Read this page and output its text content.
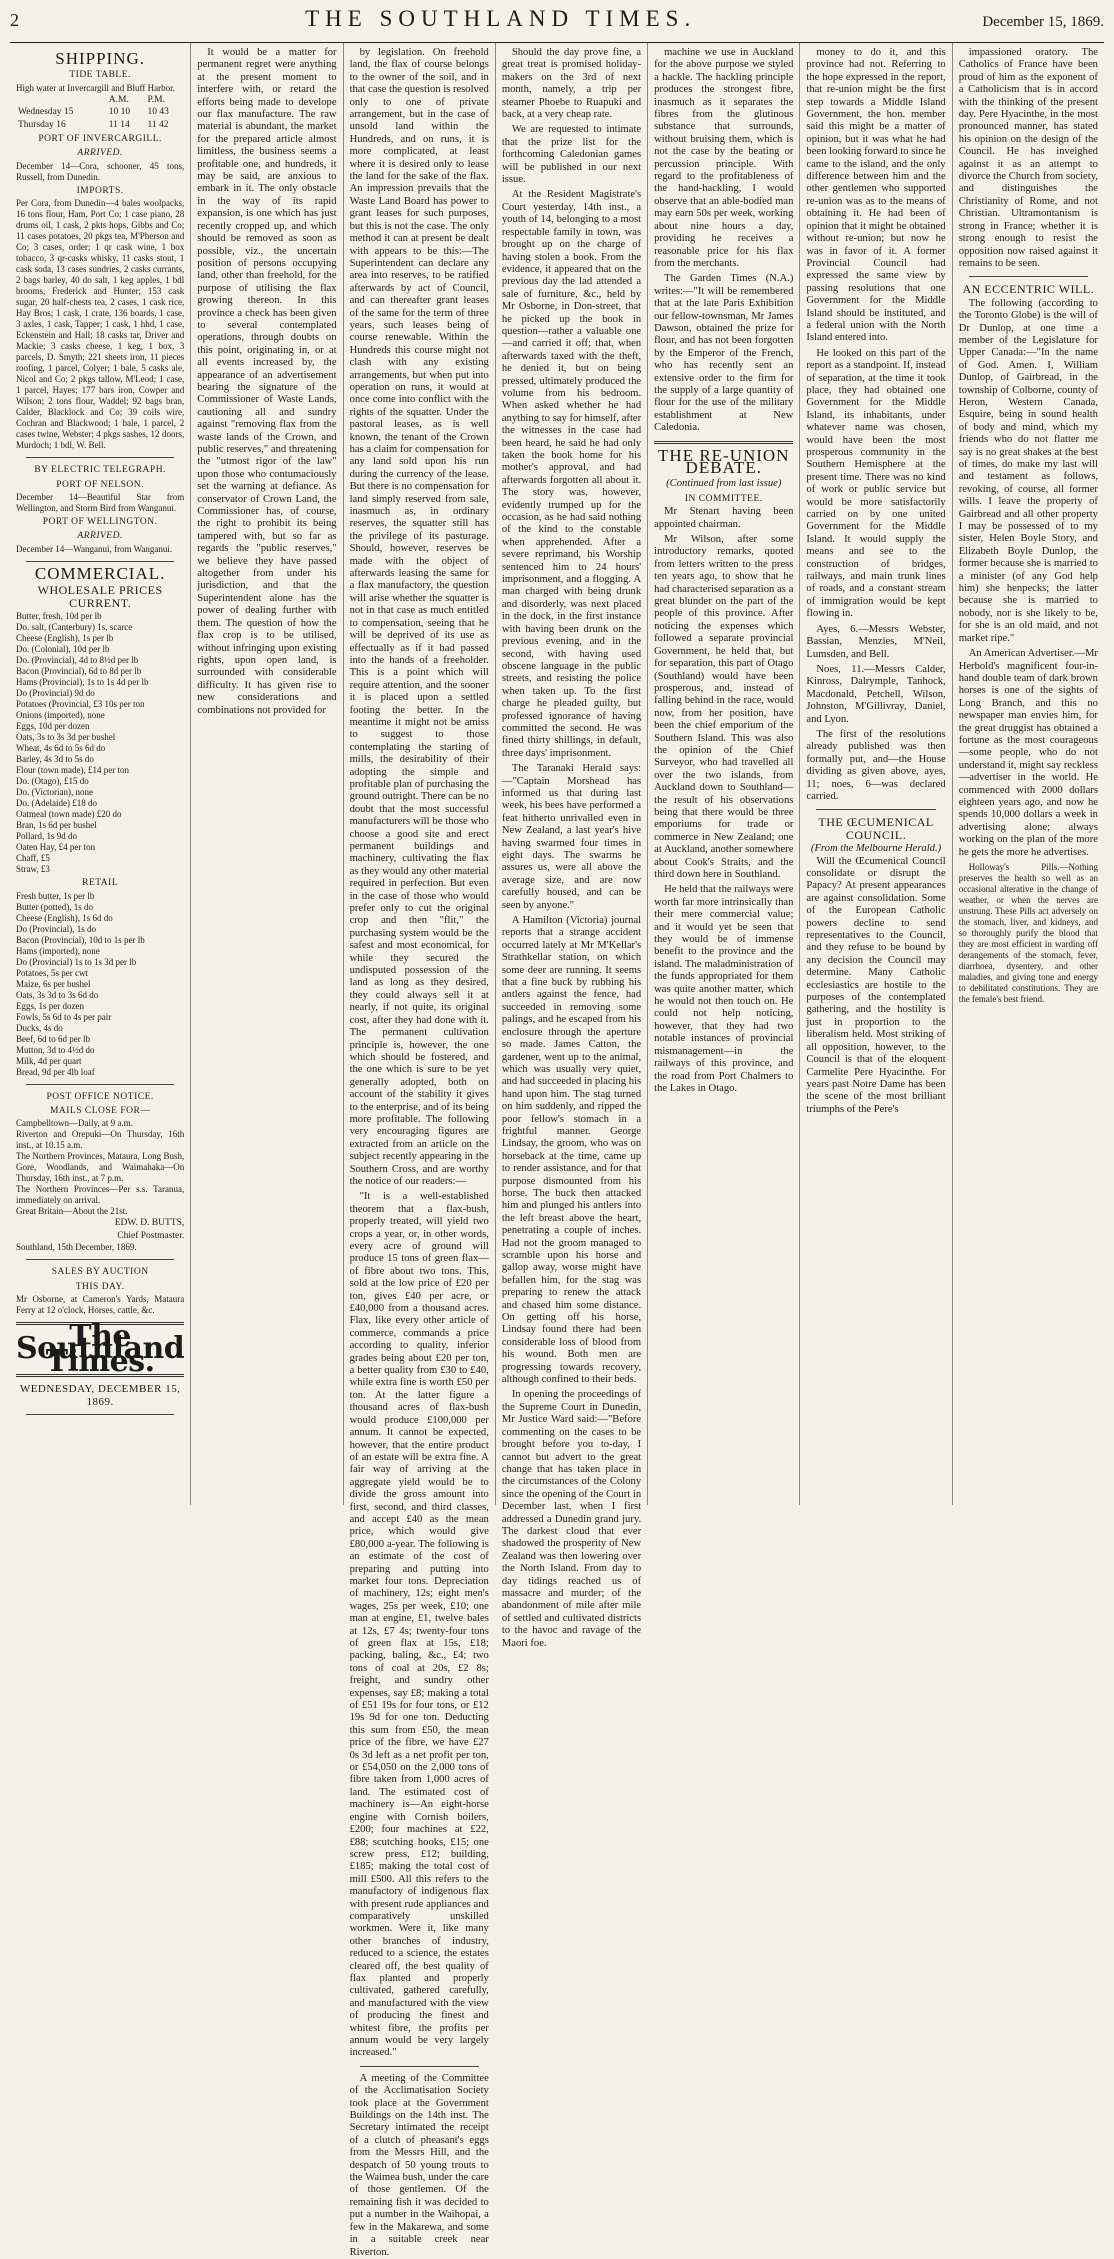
2	THE SOUTHLAND TIMES.	December 15, 1869.
SHIPPING.
TIDE TABLE.
High water at Invercargill and Bluff Harbor.
	A.M.	P.M.
Wednesday 15	10 10	10 43
Thursday 16	11 14	11 42
PORT OF INVERCARGILL.
ARRIVED.
December 14—Cora, schooner, 45 tons, Russell, from Dunedin.
IMPORTS.
Per Cora, from Dunedin—4 bales woolpacks, 16 tons flour, Ham, Port Co; 1 case piano, 28 drums oil, 1 cask, 2 pkts hops, Gibbs and Co; 11 cases potatoes, 20 pkgs tea, M'Pherson and Co; 3 cases, order; 1 qr cask wine, 1 box tobacco, 3 qr-casks whisky, 11 casks stout, 1 cask soda, 13 cases sundries, 2 casks currants, 2 bags barley, 40 do salt, 1 keg apples, 1 bdl brooms, Frederick and Hunter; 153 cask sugar, 20 half-chests tea, 2 cases, 1 cask rice, Hay Bros; 1 cask, 1 crate, 136 boards, 1 case, 3 axles, 1 cask, Tapper; 1 cask, 1 hhd, 1 case, Eckenstein and Hall; 18 casks tar, Driver and Mackie; 3 casks cheese, 1 keg, 1 box, 3 parcels, D. Smyth; 221 sheets iron, 11 pieces roofing, 1 parcel, Colyer; 1 bale, 5 casks ale, Nicol and Co; 2 pkgs tallow, M'Leod; 1 case, 1 parcel, Hayes; 177 bars iron, Cowper and Wilson; 2 tons flour, Waddel; 92 bags bran, Calder, Blacklock and Co; 39 coils wire, Cochran and Blackwood; 1 bale, 1 parcel, 2 cases twine, Webster; 4 pkgs sashes, 12 doors, Murdoch; 1 bdl, W. Bell.
BY ELECTRIC TELEGRAPH.
PORT OF NELSON.
December 14—Beautiful Star from Wellington, and Storm Bird from Wanganui.
PORT OF WELLINGTON.
ARRIVED.
December 14—Wanganui, from Wanganui.
COMMERCIAL.
WHOLESALE PRICES CURRENT.
Butter, fresh, 10d per lb
Do. salt, (Canterbury) 1s, scarce
Cheese (English), 1s per lb
Do. (Colonial), 10d per lb
Do. (Provincial), 4d to 8½d per lb
Bacon (Provincial), 6d to 8d per lb
Hams (Provincial), 1s to 1s 4d per lb
Do (Provincial) 9d do
Potatoes (Provincial, £3 10s per ton
Onions (imported), none
Eggs, 10d per dozen
Oats, 3s to 3s 3d per bushel
Wheat, 4s 6d to 5s 6d do
Barley, 4s 3d to 5s do
Flour (town made), £14 per ton
Do. (Otago), £15 do
Do. (Victorian), none
Do. (Adelaide) £18 do
Oatmeal (town made) £20 do
Bran, 1s 6d per bushel
Pollard, 1s 9d do
Oaten Hay, £4 per ton
Chaff, £5
Straw, £3
RETAIL
Fresh butter, 1s per lb
Butter (potted), 1s do
Cheese (English), 1s 6d do
Do (Provincial), 1s do
Bacon (Provincial), 10d to 1s per lb
Hams (imported), none
Do (Provincial) 1s to 1s 3d per lb
Potatoes, 5s per cwt
Maize, 6s per bushel
Oats, 3s 3d to 3s 6d do
Eggs, 1s per dozen
Fowls, 5s 6d to 4s per pair
Ducks, 4s do
Beef, 6d to 6d per lb
Mutton, 3d to 4½d do
Milk, 4d per quart
Bread, 9d per 4lb loaf
POST OFFICE NOTICE.
MAILS CLOSE FOR—
Campbelltown—Daily, at 9 a.m.
Riverton and Orepuki—On Thursday, 16th inst., at 10.15 a.m.
The Northern Provinces, Mataura, Long Bush, Gore, Woodlands, and Waimahaka—On Thursday, 16th inst., at 7 p.m.
The Northern Provinces—Per s.s. Taranua, immediately on arrival.
Great Britain—About the 21st.
EDW. D. BUTTS,
Chief Postmaster.
Southland, 15th December, 1869.
SALES BY AUCTION
THIS DAY.
Mr Osborne, at Cameron's Yards, Mataura Ferry at 12 o'clock, Horses, cattle, &c.
The Southland Times.
WEDNESDAY, DECEMBER 15, 1869.

It would be a matter for permanent regret were anything at the present moment to interfere with, or retard the efforts being made to develope our flax manufacture. The raw material is abundant, the market for the prepared article almost limitless, the business seems a profitable one, and hundreds, it may be said, are anxious to embark in it. The only obstacle in the way of its rapid expansion, is one which has just recently cropped up, and which should be removed as soon as possible, viz., the uncertain position of persons occupying land, other than freehold, for the purpose of utilising the flax growing thereon. In this province a check has been given to several contemplated operations, through doubts on this point, originating in, or at all events increased by, the appearance of an advertisement bearing the signature of the Commissioner of Waste Lands, cautioning all and sundry against "removing flax from the waste lands of the Crown, and public reserves," and threatening the "utmost rigor of the law" upon those who contumaciously set the warning at defiance. As conservator of Crown Land, the Commissioner has, of course, the right to prohibit its being tampered with, but so far as regards the "public reserves," we believe they have passed altogether from under his jurisdiction, and that the Superintendent alone has the power of dealing further with them. The question of how the flax crop is to be utilised, without infringing upon existing rights, upon open land, is surrounded with considerable difficulty. It has given rise to new considerations and combinations not provided for

by legislation. On freehold land, the flax of course belongs to the owner of the soil, and in that case the question is resolved only to one of private arrangement, but in the case of unsold land within the Hundreds, and on runs, it is more complicated, at least where it is desired only to lease the land for the sake of the flax. An impression prevails that the Waste Land Board has power to grant leases for such purposes, but this is not the case. The only method it can at present be dealt with appears to be this:—The Superintendent can declare any area into reserves, to be ratified afterwards by act of Council, and can thereafter grant leases of the same for the term of three years, such leases being of course renewable. Within the Hundreds this course might not clash with any existing arrangements, but when put into operation on runs, it would at once come into conflict with the rights of the squatter. Under the pastoral leases, as is well known, the tenant of the Crown has a claim for compensation for any land sold upon his run during the currency of the lease. But there is no compensation for land simply reserved from sale, inasmuch as, in ordinary reserves, the squatter still has the privilege of its pasturage. Should, however, reserves be made with the object of afterwards leasing the same for a flax manufactory, the question will arise whether the squatter is not in that case as much entitled to compensation, seeing that he will be deprived of its use as effectually as if it had passed into the hands of a freeholder. This is a point which will require attention, and the sooner it is placed upon a settled footing the better. In the meantime it might not be amiss to suggest to those contemplating the starting of mills, the desirability of their adopting the simple and profitable plan of purchasing the ground outright. There can be no doubt that the most successful manufacturers will be those who choose a good site and erect permanent buildings and machinery, cultivating the flax as they would any other material required in perfection. But even in the case of those who would prefer only to cut the original crop and then "flit," the purchasing system would be the safest and most economical, for while they secured the undisputed possession of the land as long as they desired, they could always sell it at nearly, if not quite, its original cost, after they had done with it. The permanent cultivation principle is, however, the one which should be fostered, and the one which is sure to be yet generally adopted, both on account of the stability it gives to the enterprise, and of its being more profitable. The following very encouraging figures are extracted from an article on the subject recently appearing in the Southern Cross, and are worthy the notice of our readers:—

"It is a well-established theorem that a flax-bush, properly treated, will yield two crops a year, or, in other words, every acre of ground will produce 15 tons of green flax—of fibre about two tons. This, sold at the low price of £20 per ton, gives £40 per acre, or £40,000 from a thousand acres. Flax, like every other article of commerce, commands a price according to quality, inferior grades being about £20 per ton, a better quality from £30 to £40, while extra fine is worth £50 per ton. At the latter figure a thousand acres of flax-bush would produce £100,000 per annum. It cannot be expected, however, that the entire product of an estate will be extra fine. A fair way of arriving at the aggregate yield would be to divide the gross amount into first, second, and third classes, and accept £40 as the mean price, which would give £80,000 a-year. The following is an estimate of the cost of preparing and putting into market four tons. Depreciation of machinery, 12s; eight men's wages, 25s per week, £10; one man at engine, £1, twelve bales at 12s, £7 4s; twenty-four tons of green flax at 15s, £18; packing, baling, &c., £4; two tons of coal at 20s, £2 8s; freight, and sundry other expenses, say £8; making a total of £51 19s for four tons, or £12 19s 9d for one ton. Deducting this sum from £50, the mean price of the fibre, we have £27 0s 3d left as a net profit per ton, or £54,050 on the 2,000 tons of fibre taken from 1,000 acres of land. The estimated cost of machinery is—An eight-horse engine with Cornish boilers, £200; four machines at £22, £88; scutching hooks, £15; one screw press, £12; building, £185; making the total cost of mill £500. All this refers to the manufactory of indigenous flax with present rude appliances and comparatively unskilled workmen. Were it, like many other branches of industry, reduced to a science, the estates cleared off, the best quality of flax planted and properly cultivated, gathered carefully, and manufactured with the view of producing the finest and whitest fibre, the profits per annum would be very largely increased."

A meeting of the Committee of the Acclimatisation Society took place at the Government Buildings on the 14th inst. The Secretary intimated the receipt of a clutch of pheasant's eggs from the Messrs Hill, and the despatch of 50 young trouts to the Waimea bush, under the care of those gentlemen. Of the remaining fish it was decided to put a number in the Waihopai, a few in the Makarewa, and some in a suitable creek near Riverton.

Should the day prove fine, a great treat is promised holiday-makers on the 3rd of next month, namely, a trip per steamer Phoebe to Ruapuki and back, at a very cheap rate.

We are requested to intimate that the prize list for the forthcoming Caledonian games will be published in our next issue.

At the Resident Magistrate's Court yesterday, 14th inst., a youth of 14, belonging to a most respectable family in town, was brought up on the charge of having stolen a book. From the evidence, it appeared that on the previous day the lad attended a sale of furniture, &c., held by Mr Osborne, in Don-street, that he picked up the book in question—rather a valuable one—and carried it off; that, when afterwards taxed with the theft, he denied it, but on being pressed, ultimately produced the volume from his bedroom. When asked whether he had anything to say for himself, after the witnesses in the case had been heard, he said he had only taken the book home for his mother's approval, and had afterwards forgotten all about it. The story was, however, evidently trumped up for the occasion, as he had said nothing of the kind to the constable when apprehended. After a severe reprimand, his Worship sentenced him to 24 hours' imprisonment, and a flogging. A man charged with being drunk and disorderly, was next placed in the dock, in the first instance with having been drunk on the previous evening, and in the second, with having used obscene language in the public streets, and resisting the police when taken up. To the first charge he pleaded guilty, but professed ignorance of having committed the second. He was fined thirty shillings, in default, three days' imprisonment.

The Taranaki Herald says:—"Captain Morshead has informed us that during last week, his bees have performed a feat hitherto unrivalled even in New Zealand, a last year's hive having swarmed four times in eight days. The swarms he assures us, were all above the average size, and are now carefully housed, and can be seen by anyone."

A Hamilton (Victoria) journal reports that a strange accident occurred lately at Mr M'Kellar's Strathkellar station, on which some deer are running. It seems that a fine buck by rubbing his antlers against the fence, had succeeded in removing some palings, and he escaped from his enclosure through the aperture so made. James Catton, the gardener, went up to the animal, which was usually very quiet, and had succeeded in placing his hand upon him. The stag turned on him suddenly, and ripped the poor fellow's stomach in a frightful manner. George Lindsay, the groom, who was on horseback at the time, came up to render assistance, and for that purpose dismounted from his horse. The buck then attacked him and plunged his antlers into the left breast above the heart, penetrating a couple of inches. Had not the groom managed to scramble upon his horse and gallop away, worse might have befallen him, for the stag was preparing to renew the attack and chased him some distance. On getting off his horse, Lindsay found there had been considerable loss of blood from his wound. Both men are progressing towards recovery, although confined to their beds.

In opening the proceedings of the Supreme Court in Dunedin, Mr Justice Ward said:—"Before commenting on the cases to be brought before you to-day, I cannot but advert to the great change that has taken place in the circumstances of the Colony since the opening of the Court in December last, when I first addressed a Dunedin grand jury. The darkest cloud that ever shadowed the prosperity of New Zealand was then lowering over the North Island. From day to day tidings reached us of massacre and murder; of the abandonment of mile after mile of settled and cultivated districts to the havoc and ravage of the Maori foe.

machine we use in Auckland for the above purpose we styled a hackle. The hackling principle produces the strongest fibre, inasmuch as it separates the fibres from the glutinous substance that surrounds, without bruising them, which is not the case by the beating or percussion principle. With regard to the profitableness of the hand-hackling, I would observe that an able-bodied man may earn 50s per week, working about nine hours a day, providing he receives a reasonable price for his flax from the merchants.

The Garden Times (N.A.) writes:—"It will be remembered that at the late Paris Exhibition our fellow-townsman, Mr James Dawson, obtained the prize for flour, and has not been forgotten by the Emperor of the French, who has recently sent an extensive order to the firm for the supply of a large quantity of flour for the use of the military establishment at New Caledonia.

THE RE-UNION DEBATE.
(Continued from last issue)
IN COMMITTEE.

Mr Stenart having been appointed chairman.

Mr Wilson, after some introductory remarks, quoted from letters written to the press ten years ago, to show that he had characterised separation as a great blunder on the part of the people of this province. After noticing the expenses which followed a separate provincial Government, he held that, but for separation, this part of Otago (Southland) would have been prosperous, and, instead of falling behind in the race, would now, from her position, have been the chief emporium of the Southern Island. This was also the opinion of the Chief Surveyor, who had travelled all over the two islands, from Auckland down to Southland—the result of his observations being that there would be three emporiums for trade or commerce in New Zealand; one at Auckland, another somewhere about Cook's Straits, and the third down here in Southland.

He held that the railways were worth far more intrinsically than their mere commercial value; and it would yet be seen that they would be of immense benefit to the province and the island. The maladministration of the funds appropriated for them was quite another matter, which he would not then touch on. He could not help noticing, however, that they had two notable instances of provincial mismanagement—in the railways of this province, and the road from Port Chalmers to the Lakes in Otago.

money to do it, and this province had not. Referring to the hope expressed in the report, that re-union might be the first step towards a Middle Island Government, the hon. member said this might be a matter of opinion, but it was what he had been looking forward to since he came to the island, and the only difference between him and the other gentlemen who supported re-union was as to the means of obtaining it. He had been of opinion that it might be obtained without re-union; but now he was in favor of it. A former Provincial Council had expressed the same view by passing resolutions that one Government for the Middle Island should be instituted, and a federal union with the North Island entered into.

He looked on this part of the report as a standpoint. If, instead of separation, at the time it took place, they had obtained one Government for the Middle Island, its inhabitants, under whatever name was chosen, would have been the most prosperous community in the Southern Hemisphere at the present time. There was no kind of work or public service but would be more satisfactorily carried on by one united Government for the Middle Island. It would supply the means and see to the construction of bridges, railways, and main trunk lines of roads, and a constant stream of immigration would be kept flowing in.

Ayes, 6.—Messrs Webster, Bassian, Menzies, M'Neil, Lumsden, and Bell.

Noes, 11.—Messrs Calder, Kinross, Dalrymple, Tanhock, Macdonald, Petchell, Wilson, Johnston, M'Gillivray, Daniel, and Lyon.

The first of the resolutions already published was then formally put, and—the House dividing as given above, ayes, 11; noes, 6—was declared carried.

THE ŒCUMENICAL COUNCIL.
(From the Melbourne Herald.)

Will the Œcumenical Council consolidate or disrupt the Papacy? At present appearances are against consolidation. Some of the European Catholic powers decline to send representatives to the Council, and they refuse to be bound by any decision the Council may determine. Many Catholic ecclesiastics are hostile to the purposes of the contemplated gathering, and the hostility is just in proportion to the liberalism held. Most striking of all opposition, however, to the Council is that of the eloquent Carmelite Pere Hyacinthe. For years past Notre Dame has been the scene of the most brilliant triumphs of the Pere's

impassioned oratory. The Catholics of France have been proud of him as the exponent of a Catholicism that is in accord with the thinking of the present day. Pere Hyacinthe, in the most pronounced manner, has stated his opinion on the design of the Council. He has inveighed against it as an attempt to divorce the Church from society, and distinguishes the Christianity of Rome, and not Christian. Ultramontanism is strong in France; whether it is strong enough to resist the opposition now raised against it remains to be seen.

AN ECCENTRIC WILL.

The following (according to the Toronto Globe) is the will of Dr Dunlop, at one time a member of the Legislature for Upper Canada:—"In the name of God. Amen. I, William Dunlop, of Gairbread, in the township of Colborne, county of Heron, Western Canada, Esquire, being in sound health of body and mind, which my friends who do not flatter me say is no great shakes at the best of times, do make my last will and testament as follows, revoking, of course, all former wills. I leave the property of Gairbread and all other property I may be possessed of to my sister, Helen Boyle Story, and Elizabeth Boyle Dunlop, the former because she is married to a minister (of any God help him) she henpecks; the latter because she is married to nobody, nor is she likely to be, for she is an old maid, and not market ripe."

An American Advertiser.—Mr Herbold's magnificent four-in-hand double team of dark brown horses is one of the sights of Long Branch, and this no newspaper man envies him, for the great druggist has obtained a fortune as the most courageous—some people, who do not understand it, might say reckless—advertiser in the world. He commenced with 2000 dollars eighteen years ago, and now he spends 10,000 dollars a week in advertising alone; always working on the plan of the more he gets the more he advertises.

Holloway's Pills.—Nothing preserves the health so well as an occasional alterative in the change of weather, or when the nerves are unstrung. These Pills act adversely on the stomach, liver, and kidneys, and so thoroughly purify the blood that they are most efficient in warding off derangements of the stomach, fever, diarrhoea, dysentery, and other maladies, and giving tone and energy to debilitated constitutions. They are the female's best friend.
